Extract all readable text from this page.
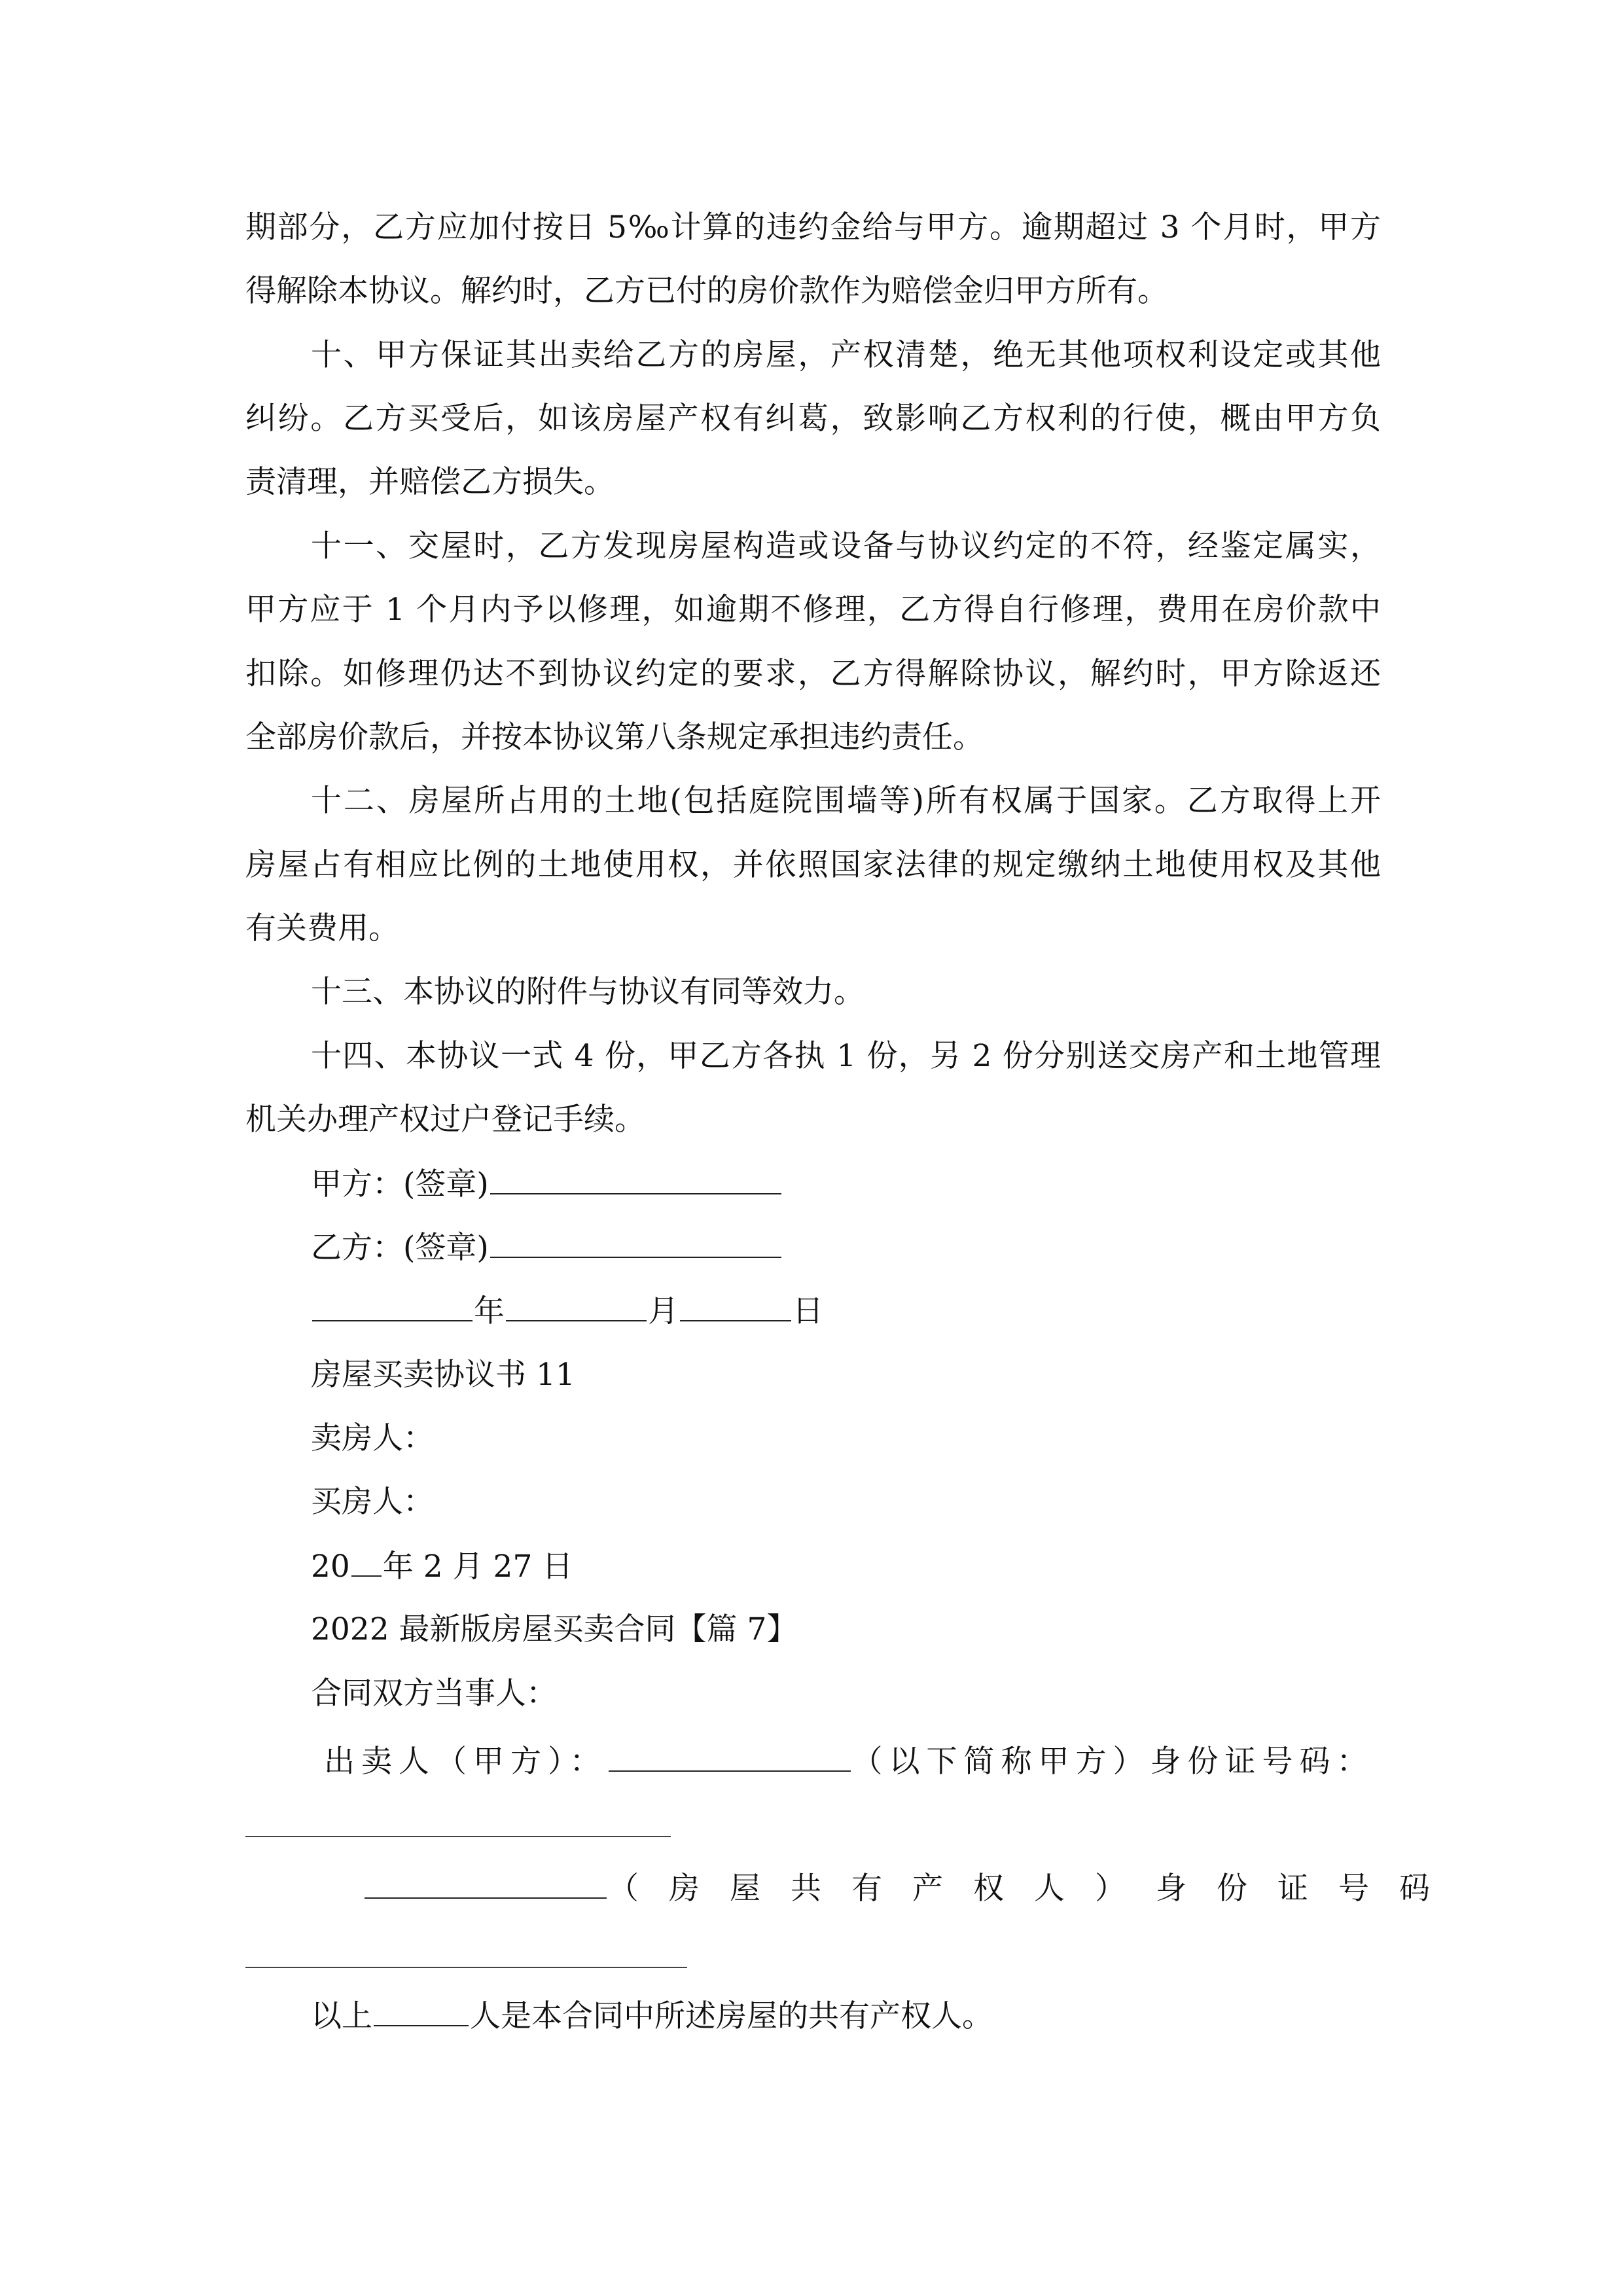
期部分，乙方应加付按日 5‰计算的违约金给与甲方。逾期超过 3 个月时，甲方
得解除本协议。解约时，乙方已付的房价款作为赔偿金归甲方所有。
十、甲方保证其出卖给乙方的房屋，产权清楚，绝无其他项权利设定或其他
纠纷。乙方买受后，如该房屋产权有纠葛，致影响乙方权利的行使，概由甲方负
责清理，并赔偿乙方损失。
十一、交屋时，乙方发现房屋构造或设备与协议约定的不符，经鉴定属实，
甲方应于 1 个月内予以修理，如逾期不修理，乙方得自行修理，费用在房价款中
扣除。如修理仍达不到协议约定的要求，乙方得解除协议，解约时，甲方除返还
全部房价款后，并按本协议第八条规定承担违约责任。
十二、房屋所占用的土地(包括庭院围墙等)所有权属于国家。乙方取得上开
房屋占有相应比例的土地使用权，并依照国家法律的规定缴纳土地使用权及其他
有关费用。
十三、本协议的附件与协议有同等效力。
十四、本协议一式 4 份，甲乙方各执 1 份，另 2 份分别送交房产和土地管理
机关办理产权过户登记手续。
甲方：(签章)
乙方：(签章)
年	月	日
房屋买卖协议书 11
卖房人：
买房人：
20 年 2 月 27 日
2022 最新版房屋买卖合同【篇 7】
合同双方当事人：
出卖人（甲方）：	（以下简称甲方）身份证号码：
（房屋共有产权人）身份证号码
以上	人是本合同中所述房屋的共有产权人。
